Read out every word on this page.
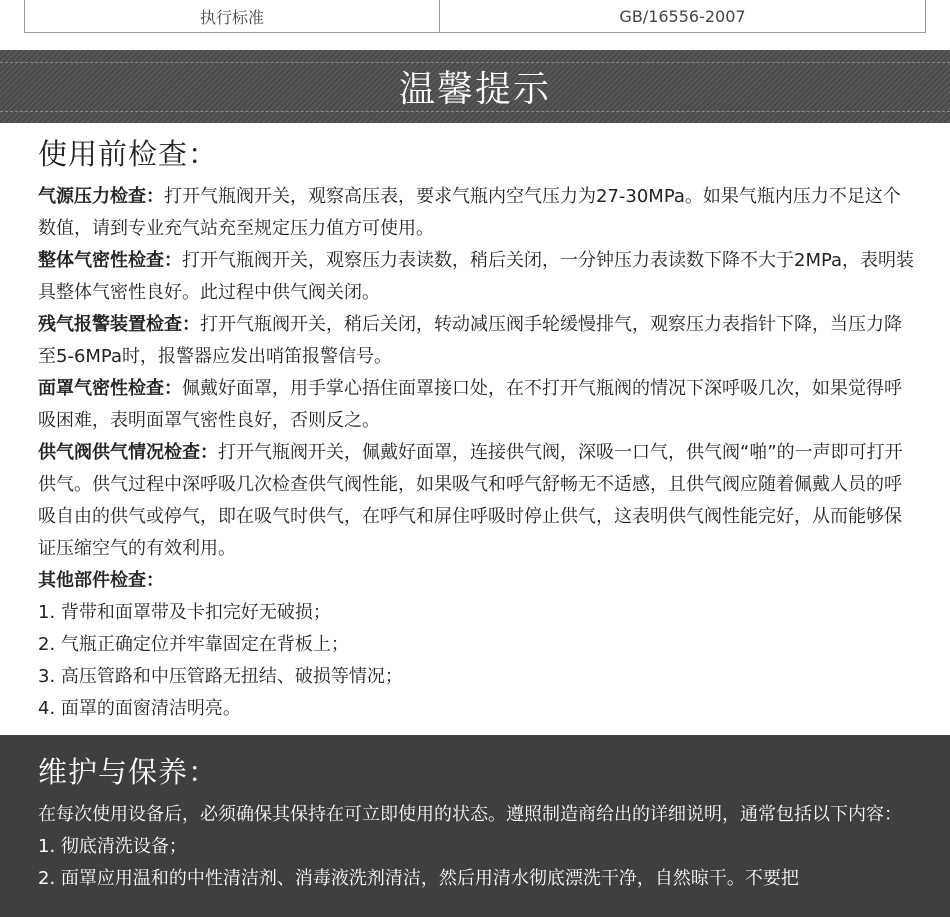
执行标准	GB/16556-2007
温馨提示
使用前检查：

气源压力检查：打开气瓶阀开关，观察高压表，要求气瓶内空气压力为27-30MPa。如果气瓶内压力不足这个数值，请到专业充气站充至规定压力值方可使用。

整体气密性检查：打开气瓶阀开关，观察压力表读数，稍后关闭，一分钟压力表读数下降不大于2MPa，表明装具整体气密性良好。此过程中供气阀关闭。

残气报警装置检查：打开气瓶阀开关，稍后关闭，转动减压阀手轮缓慢排气，观察压力表指针下降，当压力降至5-6MPa时，报警器应发出哨笛报警信号。

面罩气密性检查：佩戴好面罩，用手掌心捂住面罩接口处，在不打开气瓶阀的情况下深呼吸几次，如果觉得呼吸困难，表明面罩气密性良好，否则反之。

供气阀供气情况检查：打开气瓶阀开关，佩戴好面罩，连接供气阀，深吸一口气，供气阀“啪”的一声即可打开供气。供气过程中深呼吸几次检查供气阀性能，如果吸气和呼气舒畅无不适感，且供气阀应随着佩戴人员的呼吸自由的供气或停气，即在吸气时供气，在呼气和屏住呼吸时停止供气，这表明供气阀性能完好，从而能够保证压缩空气的有效利用。

其他部件检查：

1. 背带和面罩带及卡扣完好无破损；

2. 气瓶正确定位并牢靠固定在背板上；

3. 高压管路和中压管路无扭结、破损等情况；

4. 面罩的面窗清洁明亮。

维护与保养：

在每次使用设备后，必须确保其保持在可立即使用的状态。遵照制造商给出的详细说明，通常包括以下内容：

1. 彻底清洗设备；

2. 面罩应用温和的中性清洁剂、消毒液洗剂清洁，然后用清水彻底漂洗干净，自然晾干。不要把
